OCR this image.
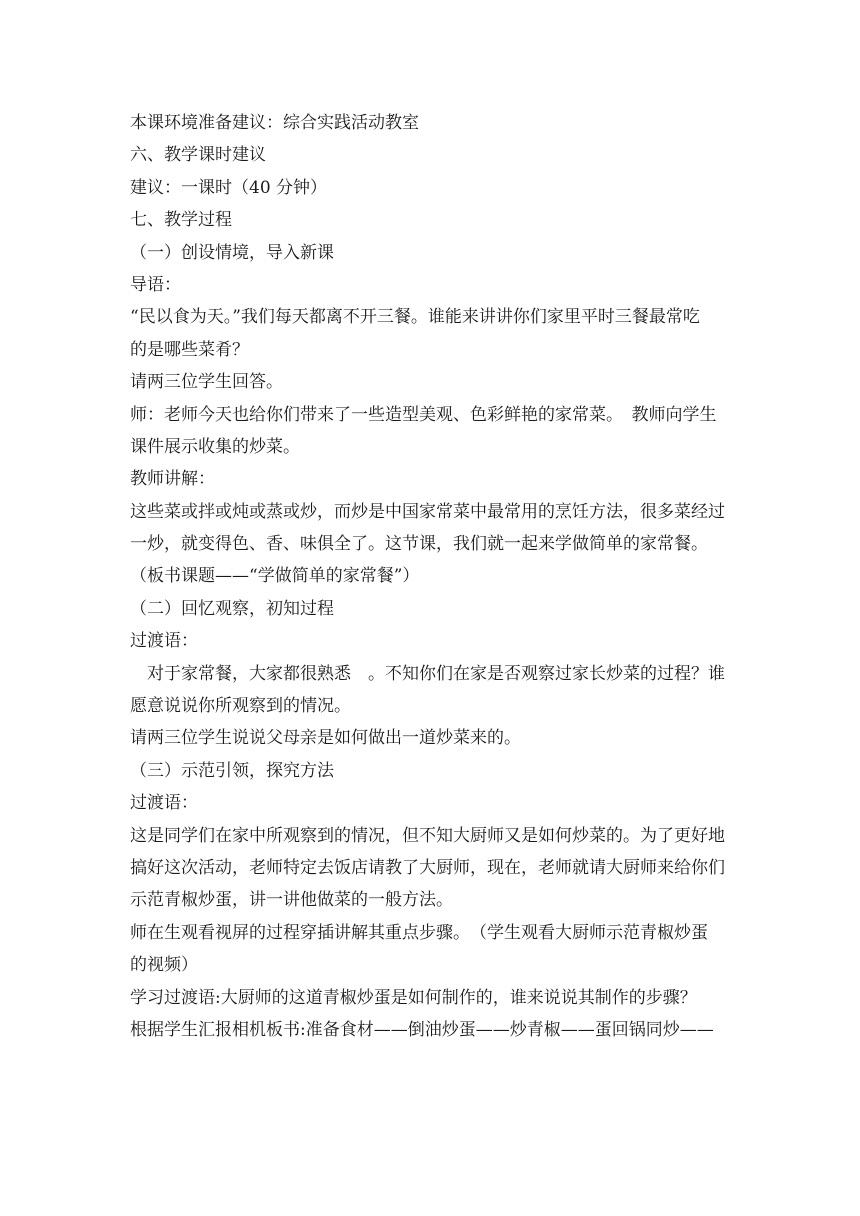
本课环境准备建议：综合实践活动教室
六、教学课时建议
建议：一课时（40 分钟）
七、教学过程
（一）创设情境，导入新课
导语：
“民以食为天。”我们每天都离不开三餐。谁能来讲讲你们家里平时三餐最常吃
的是哪些菜肴？
请两三位学生回答。
师：老师今天也给你们带来了一些造型美观、色彩鲜艳的家常菜。　教师向学生
课件展示收集的炒菜。
教师讲解：
这些菜或拌或炖或蒸或炒，而炒是中国家常菜中最常用的烹饪方法，很多菜经过
一炒，就变得色、香、味俱全了。这节课，我们就一起来学做简单的家常餐。
（板书课题——“学做简单的家常餐”）
（二）回忆观察，初知过程
过渡语：
对于家常餐，大家都很熟悉　。不知你们在家是否观察过家长炒菜的过程？谁
愿意说说你所观察到的情况。
请两三位学生说说父母亲是如何做出一道炒菜来的。
（三）示范引领，探究方法
过渡语：
这是同学们在家中所观察到的情况，但不知大厨师又是如何炒菜的。为了更好地
搞好这次活动，老师特定去饭店请教了大厨师，现在，老师就请大厨师来给你们
示范青椒炒蛋，讲一讲他做菜的一般方法。
师在生观看视屏的过程穿插讲解其重点步骤。　（学生观看大厨师示范青椒炒蛋
的视频）
学习过渡语:大厨师的这道青椒炒蛋是如何制作的，谁来说说其制作的步骤？
根据学生汇报相机板书:准备食材——倒油炒蛋——炒青椒——蛋回锅同炒——
